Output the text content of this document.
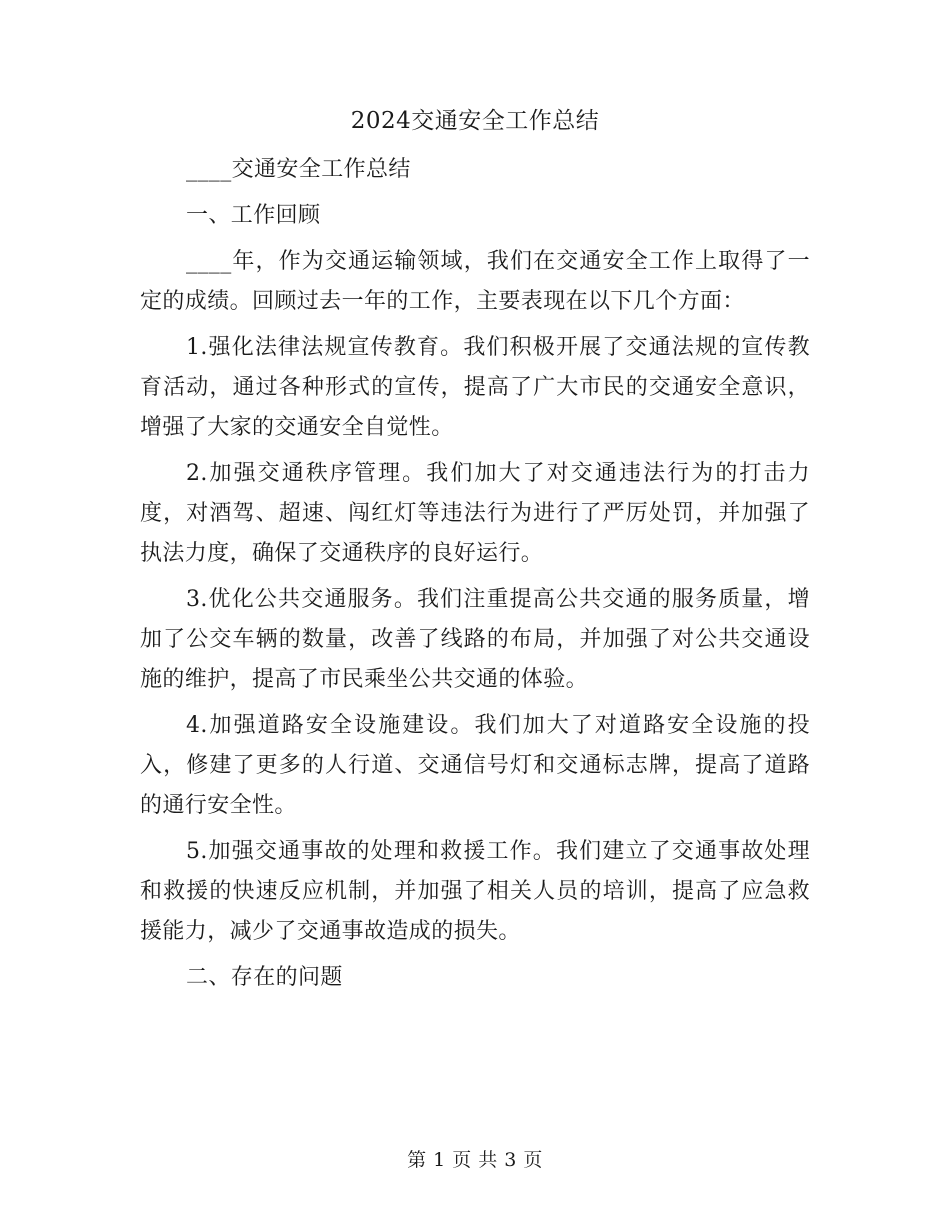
2024交通安全工作总结

____交通安全工作总结

一、工作回顾

____年，作为交通运输领域，我们在交通安全工作上取得了一定的成绩。回顾过去一年的工作，主要表现在以下几个方面：

1.强化法律法规宣传教育。我们积极开展了交通法规的宣传教育活动，通过各种形式的宣传，提高了广大市民的交通安全意识，增强了大家的交通安全自觉性。

2.加强交通秩序管理。我们加大了对交通违法行为的打击力度，对酒驾、超速、闯红灯等违法行为进行了严厉处罚，并加强了执法力度，确保了交通秩序的良好运行。

3.优化公共交通服务。我们注重提高公共交通的服务质量，增加了公交车辆的数量，改善了线路的布局，并加强了对公共交通设施的维护，提高了市民乘坐公共交通的体验。

4.加强道路安全设施建设。我们加大了对道路安全设施的投入，修建了更多的人行道、交通信号灯和交通标志牌，提高了道路的通行安全性。

5.加强交通事故的处理和救援工作。我们建立了交通事故处理和救援的快速反应机制，并加强了相关人员的培训，提高了应急救援能力，减少了交通事故造成的损失。

二、存在的问题

第 1 页 共 3 页
